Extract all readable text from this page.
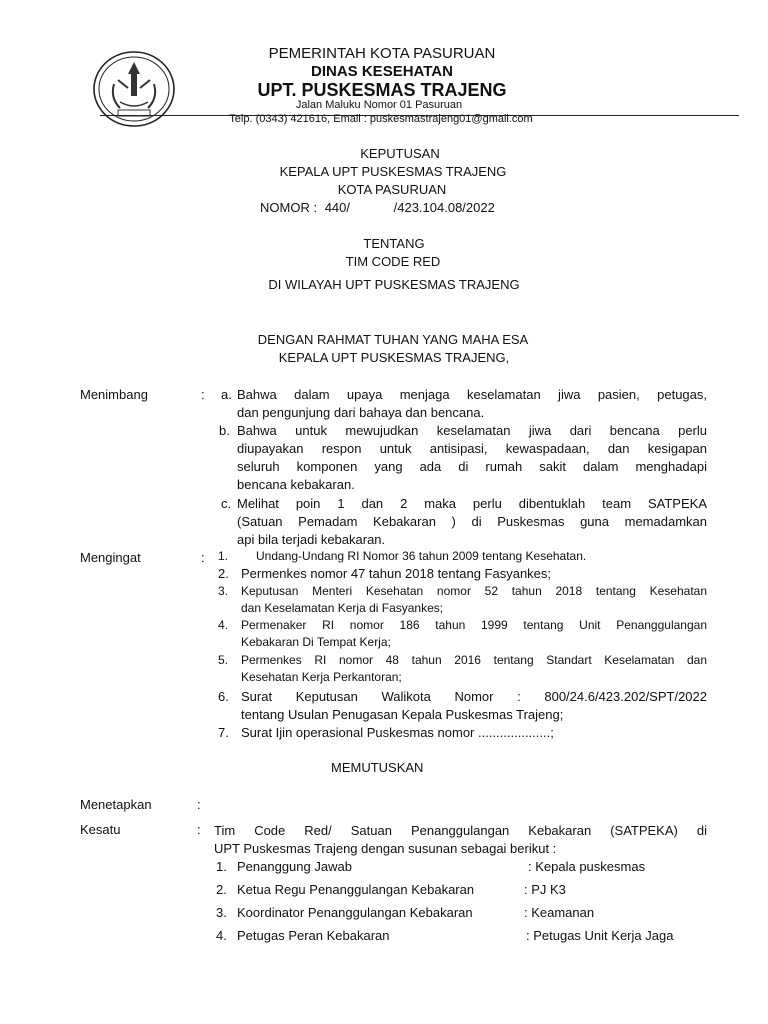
PEMERINTAH KOTA PASURUAN
DINAS KESEHATAN
UPT. PUSKESMAS TRAJENG
Jalan Maluku Nomor 01 Pasuruan
Telp. (0343) 421616, Email : puskesmastrajeng01@gmail.com
KEPUTUSAN
KEPALA UPT PUSKESMAS TRAJENG
KOTA PASURUAN
NOMOR : 440/	/423.104.08/2022
TENTANG
TIM CODE RED
DI WILAYAH UPT PUSKESMAS TRAJENG
DENGAN RAHMAT TUHAN YANG MAHA ESA
KEPALA UPT PUSKESMAS TRAJENG,
Menimbang	: a. Bahwa dalam upaya menjaga keselamatan jiwa pasien, petugas,
dan pengunjung dari bahaya dan bencana.
b. Bahwa untuk mewujudkan keselamatan jiwa dari bencana perlu
diupayakan respon untuk antisipasi, kewaspadaan, dan kesigapan
seluruh komponen yang ada di rumah sakit dalam menghadapi
bencana kebakaran.
c. Melihat poin 1 dan 2 maka perlu dibentuklah team SATPEKA
(Satuan Pemadam Kebakaran ) di Puskesmas guna memadamkan
api bila terjadi kebakaran.
Mengingat	: 1. Undang-Undang RI Nomor 36 tahun 2009 tentang Kesehatan.
2. Permenkes nomor 47 tahun 2018 tentang Fasyankes;
3. Keputusan Menteri Kesehatan nomor 52 tahun 2018 tentang Kesehatan
dan Keselamatan Kerja di Fasyankes;
4. Permenaker RI nomor 186 tahun 1999 tentang Unit Penanggulangan
Kebakaran Di Tempat Kerja;
5. Permenkes RI nomor 48 tahun 2016 tentang Standart Keselamatan dan
Kesehatan Kerja Perkantoran;
6. Surat Keputusan Walikota Nomor : 800/24.6/423.202/SPT/2022
tentang Usulan Penugasan Kepala Puskesmas Trajeng;
7. Surat Ijin operasional Puskesmas nomor ....................;
MEMUTUSKAN
Menetapkan	:
Kesatu	: Tim Code Red/ Satuan Penanggulangan Kebakaran (SATPEKA) di
UPT Puskesmas Trajeng dengan susunan sebagai berikut :
1. Penanggung Jawab	: Kepala puskesmas
2. Ketua Regu Penanggulangan Kebakaran	: PJ K3
3. Koordinator Penanggulangan Kebakaran	: Keamanan
4. Petugas Peran Kebakaran	: Petugas Unit Kerja Jaga
